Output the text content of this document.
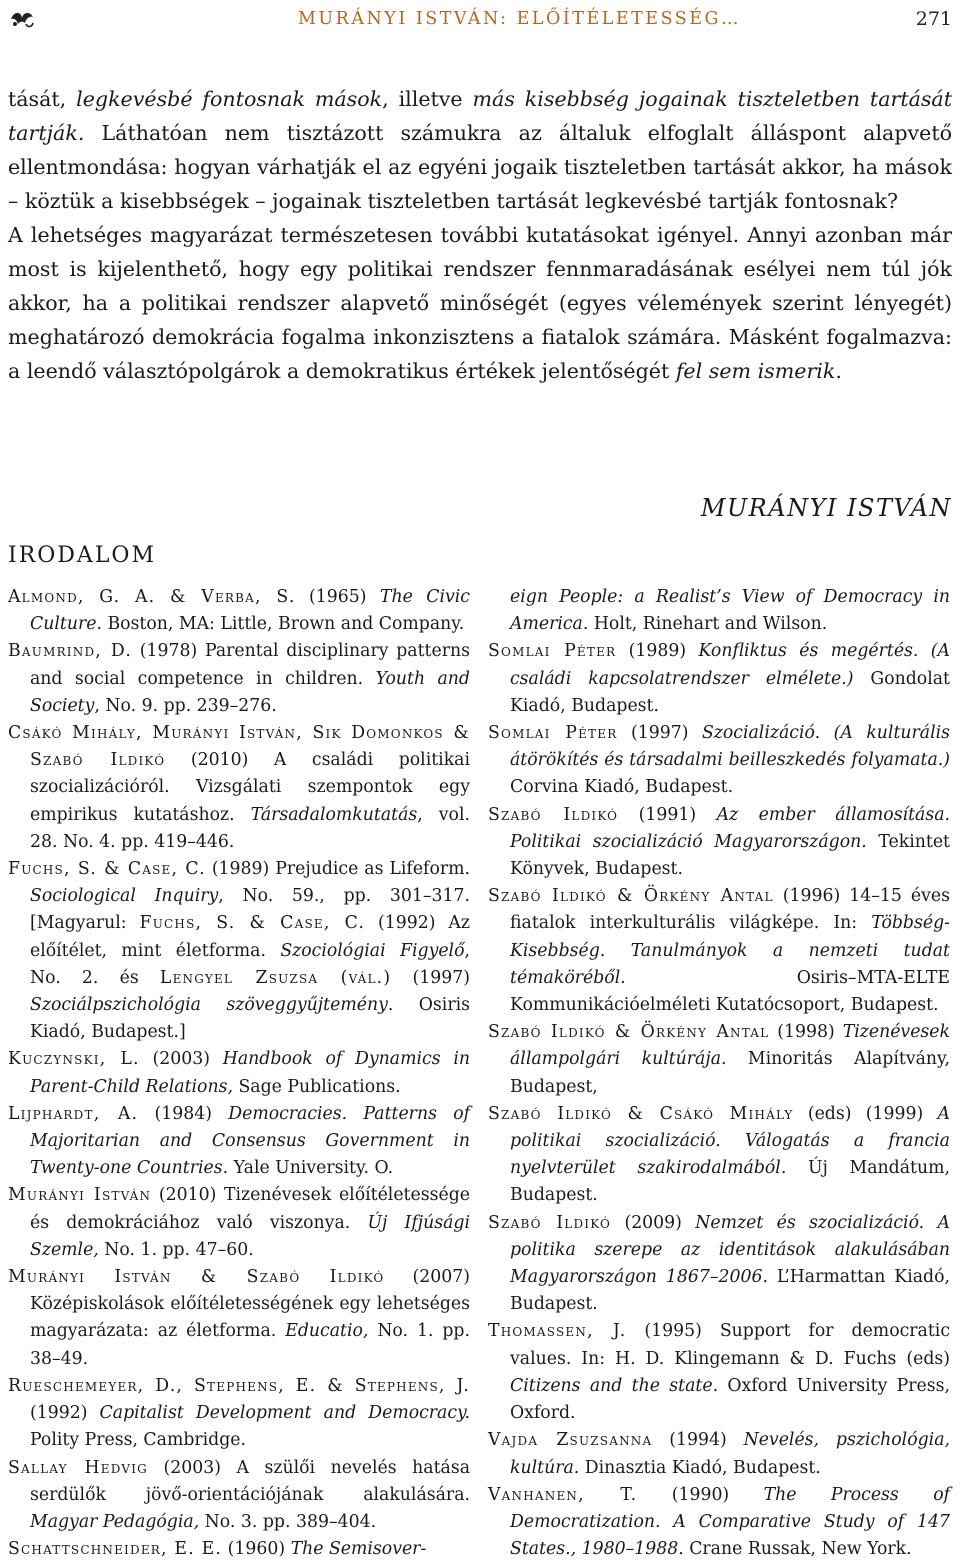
MURÁNYI ISTVÁN: ELŐÍTÉLETESSÉG…	271

tását, legkevésbé fontosnak mások, illetve más kisebbség jogainak tiszteletben tartását tartják. Láthatóan nem tisztázott számukra az általuk elfoglalt álláspont alapvető ellentmondása: hogyan várhatják el az egyéni jogaik tiszteletben tartását akkor, ha mások – köztük a kisebbségek – jogainak tiszteletben tartását legkevésbé tartják fontosnak?

A lehetséges magyarázat természetesen további kutatásokat igényel. Annyi azonban már most is kijelenthető, hogy egy politikai rendszer fennmaradásának esélyei nem túl jók akkor, ha a politikai rendszer alapvető minőségét (egyes vélemények szerint lényegét) meghatározó demokrácia fogalma inkonzisztens a fiatalok számára. Másként fogalmazva: a leendő választópolgárok a demokratikus értékek jelentőségét fel sem ismerik.

MURÁNYI ISTVÁN
IRODALOM

Almond, G. A. & Verba, S. (1965) The Civic Culture. Boston, MA: Little, Brown and Company.

Baumrind, D. (1978) Parental disciplinary patterns and social competence in children. Youth and Society, No. 9. pp. 239–276.

Csákó Mihály, Murányi István, Sik Domonkos & Szabó Ildikó (2010) A családi politikai szocializációról. Vizsgálati szempontok egy empirikus kutatáshoz. Társadalomkutatás, vol. 28. No. 4. pp. 419–446.

Fuchs, S. & Case, C. (1989) Prejudice as Lifeform. Sociological Inquiry, No. 59., pp. 301–317. [Magyarul: Fuchs, S. & Case, C. (1992) Az előítélet, mint életforma. Szociológiai Figyelő, No. 2. és Lengyel Zsuzsa (vál.) (1997) Szociálpszichológia szöveggyűjtemény. Osiris Kiadó, Budapest.]

Kuczynski, L. (2003) Handbook of Dynamics in Parent-Child Relations, Sage Publications.

Lijphardt, A. (1984) Democracies. Patterns of Majoritarian and Consensus Government in Twenty-one Countries. Yale University. O.

Murányi István (2010) Tizenévesek előítéletessége és demokráciához való viszonya. Új Ifjúsági Szemle, No. 1. pp. 47–60.

Murányi István & Szabó Ildikó (2007) Középiskolások előítéletességének egy lehetséges magyarázata: az életforma. Educatio, No. 1. pp. 38–49.

Rueschemeyer, D., Stephens, E. & Stephens, J. (1992) Capitalist Development and Democracy. Polity Press, Cambridge.

Sallay Hedvig (2003) A szülői nevelés hatása serdülők jövő-orientációjának alakulására. Magyar Pedagógia, No. 3. pp. 389–404.

Schattschneider, E. E. (1960) The Semisover-

eign People: a Realist’s View of Democracy in America. Holt, Rinehart and Wilson.

Somlai Péter (1989) Konfliktus és megértés. (A családi kapcsolatrendszer elmélete.) Gondolat Kiadó, Budapest.

Somlai Péter (1997) Szocializáció. (A kulturális átörökítés és társadalmi beilleszkedés folyamata.) Corvina Kiadó, Budapest.

Szabó Ildikó (1991) Az ember államosítása. Politikai szocializáció Magyarországon. Tekintet Könyvek, Budapest.

Szabó Ildikó & Örkény Antal (1996) 14–15 éves fiatalok interkulturális világképe. In: Többség-Kisebbség. Tanulmányok a nemzeti tudat témaköréből. Osiris–MTA-ELTE Kommunikációelméleti Kutatócsoport, Budapest.

Szabó Ildikó & Örkény Antal (1998) Tizenévesek állampolgári kultúrája. Minoritás Alapítvány, Budapest,

Szabó Ildikó & Csákó Mihály (eds) (1999) A politikai szocializáció. Válogatás a francia nyelvterület szakirodalmából. Új Mandátum, Budapest.

Szabó Ildikó (2009) Nemzet és szocializáció. A politika szerepe az identitások alakulásában Magyarországon 1867–2006. L’Harmattan Kiadó, Budapest.

Thomassen, J. (1995) Support for democratic values. In: H. D. Klingemann & D. Fuchs (eds) Citizens and the state. Oxford University Press, Oxford.

Vajda Zsuzsanna (1994) Nevelés, pszichológia, kultúra. Dinasztia Kiadó, Budapest.

Vanhanen, T. (1990) The Process of Democratization. A Comparative Study of 147 States., 1980–1988. Crane Russak, New York.
